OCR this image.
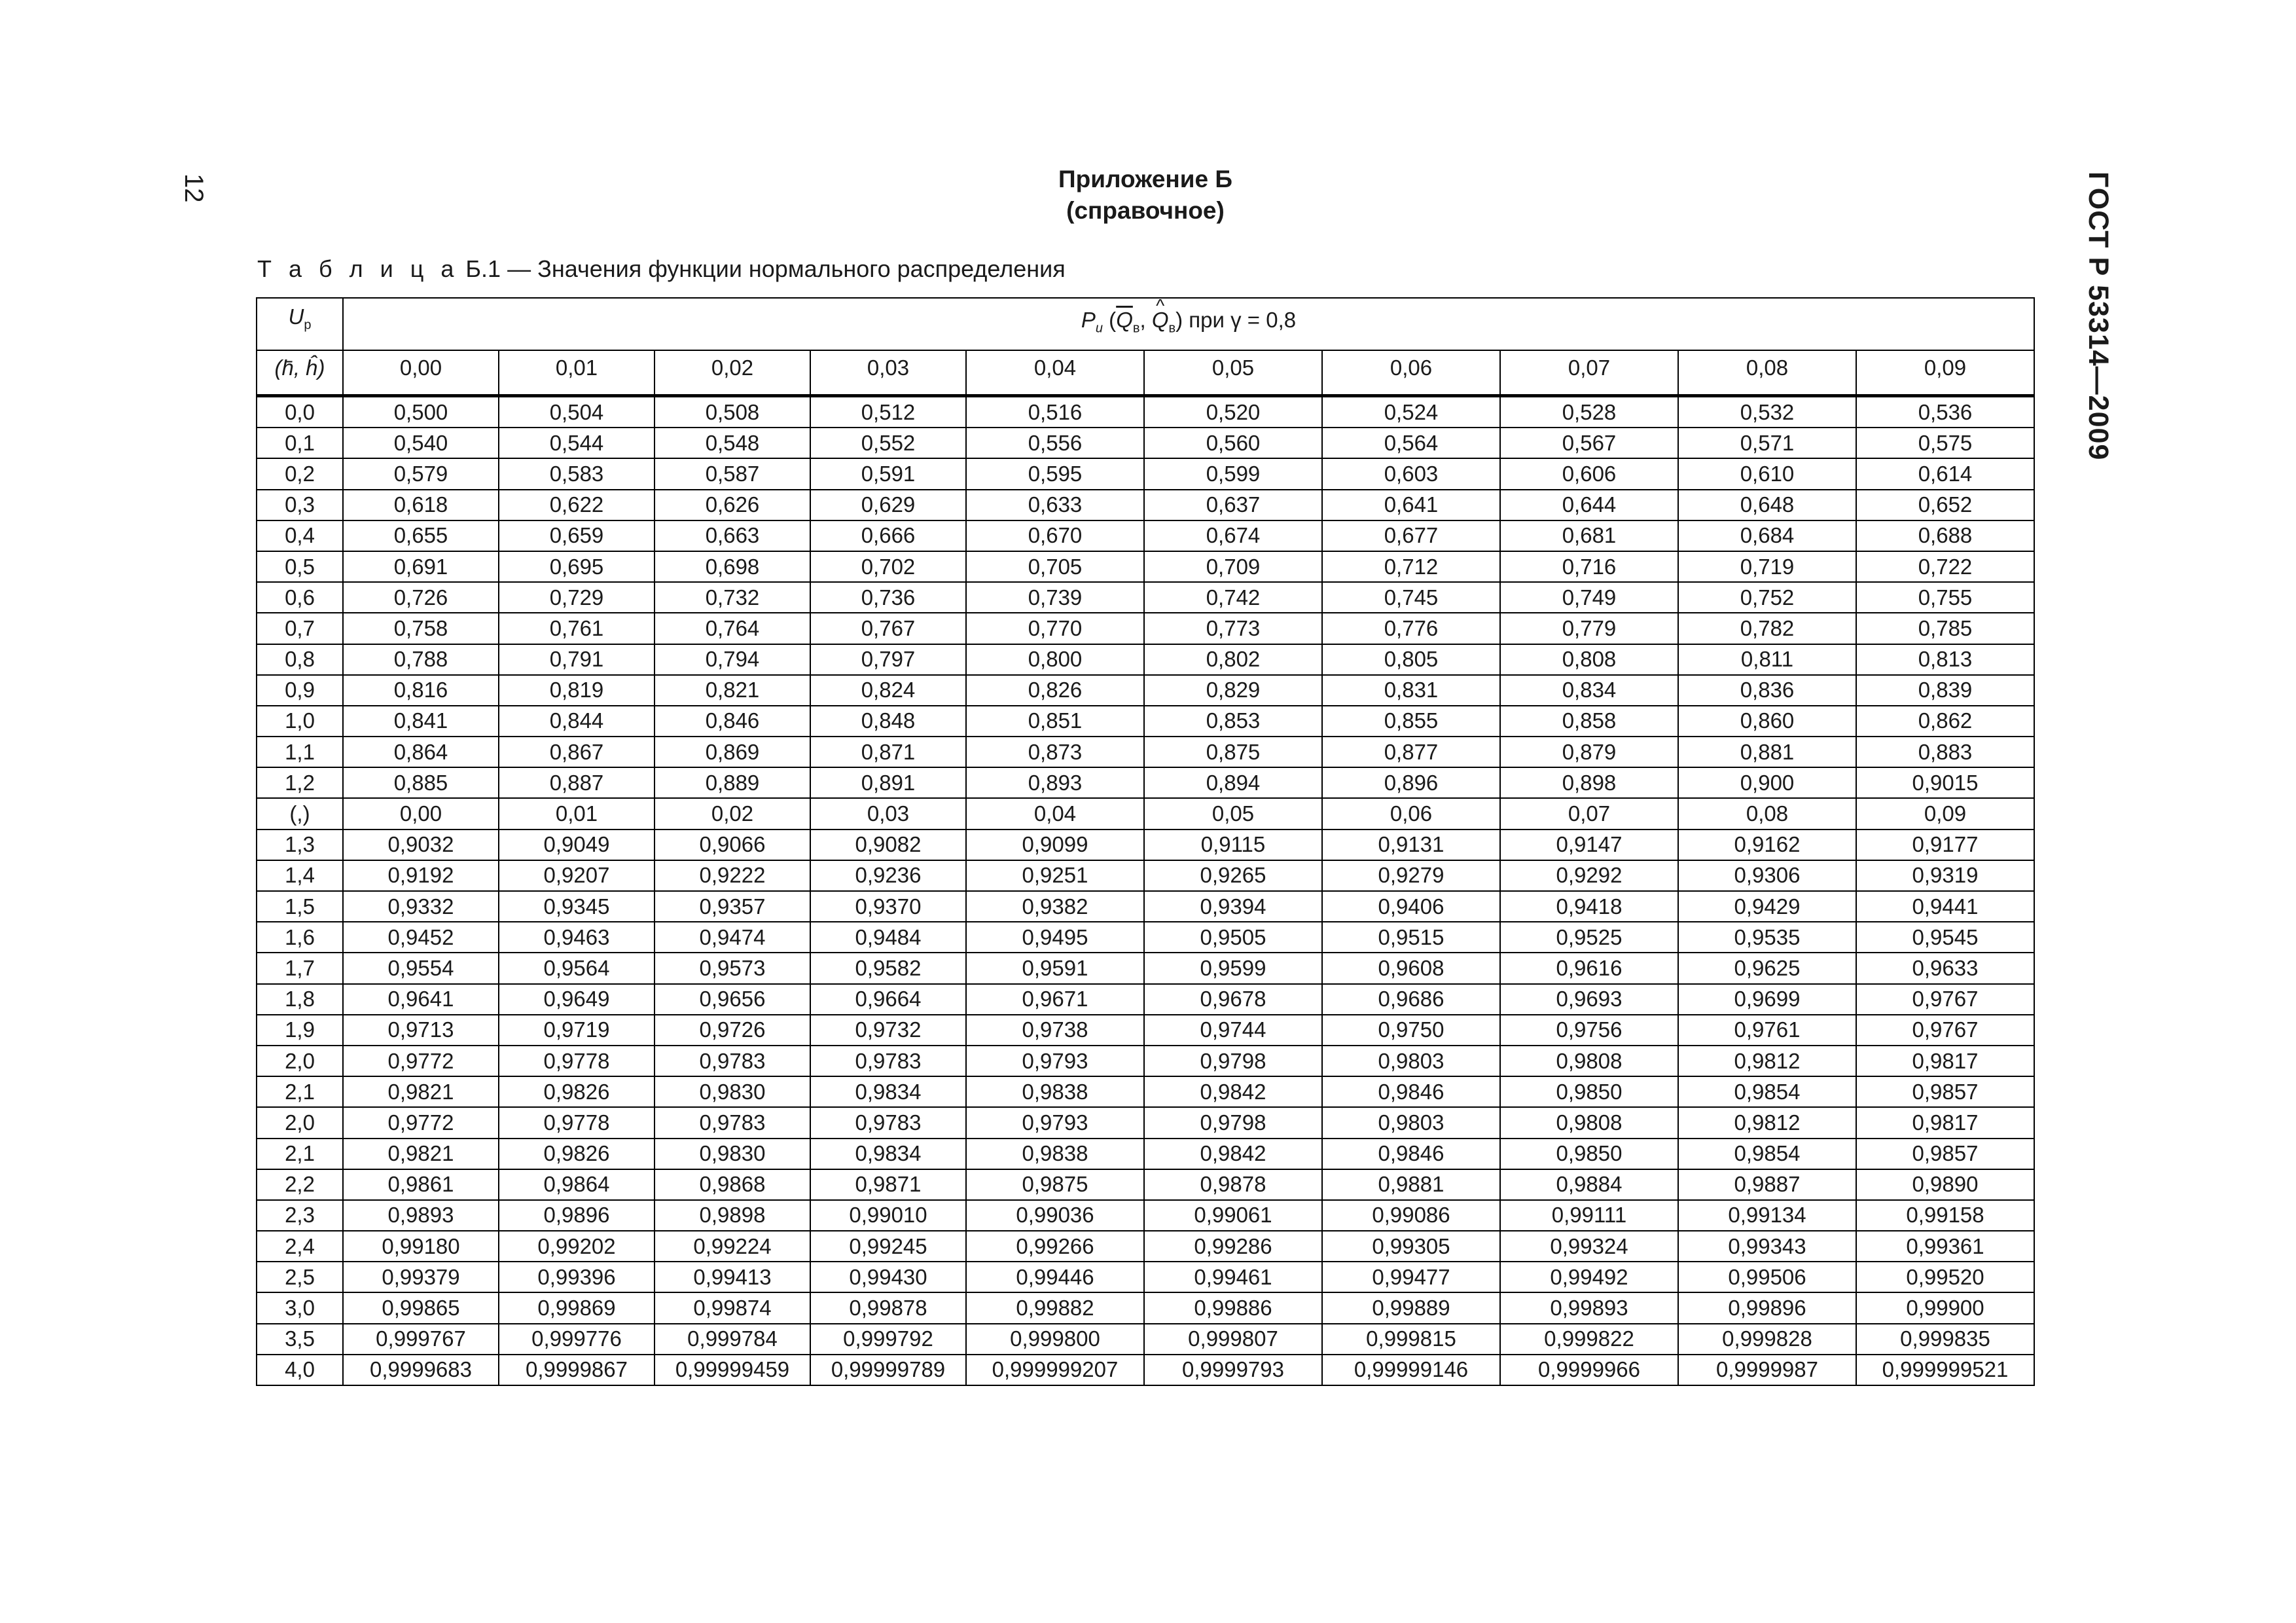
12	ГОСТ Р 53314—2009
Приложение Б
(справочное)
Т а б л и ц а Б.1 — Значения функции нормального распределения
$U_р$	$P_u$ ($\overline{Q}_в$, ^ $Q_в$) при γ = 0,8
(h̄, ĥ)	0,00	0,01	0,02	0,03	0,04	0,05	0,06	0,07	0,08	0,09
0,0	0,500	0,504	0,508	0,512	0,516	0,520	0,524	0,528	0,532	0,536
0,1	0,540	0,544	0,548	0,552	0,556	0,560	0,564	0,567	0,571	0,575
0,2	0,579	0,583	0,587	0,591	0,595	0,599	0,603	0,606	0,610	0,614
0,3	0,618	0,622	0,626	0,629	0,633	0,637	0,641	0,644	0,648	0,652
0,4	0,655	0,659	0,663	0,666	0,670	0,674	0,677	0,681	0,684	0,688
0,5	0,691	0,695	0,698	0,702	0,705	0,709	0,712	0,716	0,719	0,722
0,6	0,726	0,729	0,732	0,736	0,739	0,742	0,745	0,749	0,752	0,755
0,7	0,758	0,761	0,764	0,767	0,770	0,773	0,776	0,779	0,782	0,785
0,8	0,788	0,791	0,794	0,797	0,800	0,802	0,805	0,808	0,811	0,813
0,9	0,816	0,819	0,821	0,824	0,826	0,829	0,831	0,834	0,836	0,839
1,0	0,841	0,844	0,846	0,848	0,851	0,853	0,855	0,858	0,860	0,862
1,1	0,864	0,867	0,869	0,871	0,873	0,875	0,877	0,879	0,881	0,883
1,2	0,885	0,887	0,889	0,891	0,893	0,894	0,896	0,898	0,900	0,9015
(,)	0,00	0,01	0,02	0,03	0,04	0,05	0,06	0,07	0,08	0,09
1,3	0,9032	0,9049	0,9066	0,9082	0,9099	0,9115	0,9131	0,9147	0,9162	0,9177
1,4	0,9192	0,9207	0,9222	0,9236	0,9251	0,9265	0,9279	0,9292	0,9306	0,9319
1,5	0,9332	0,9345	0,9357	0,9370	0,9382	0,9394	0,9406	0,9418	0,9429	0,9441
1,6	0,9452	0,9463	0,9474	0,9484	0,9495	0,9505	0,9515	0,9525	0,9535	0,9545
1,7	0,9554	0,9564	0,9573	0,9582	0,9591	0,9599	0,9608	0,9616	0,9625	0,9633
1,8	0,9641	0,9649	0,9656	0,9664	0,9671	0,9678	0,9686	0,9693	0,9699	0,9767
1,9	0,9713	0,9719	0,9726	0,9732	0,9738	0,9744	0,9750	0,9756	0,9761	0,9767
2,0	0,9772	0,9778	0,9783	0,9783	0,9793	0,9798	0,9803	0,9808	0,9812	0,9817
2,1	0,9821	0,9826	0,9830	0,9834	0,9838	0,9842	0,9846	0,9850	0,9854	0,9857
2,0	0,9772	0,9778	0,9783	0,9783	0,9793	0,9798	0,9803	0,9808	0,9812	0,9817
2,1	0,9821	0,9826	0,9830	0,9834	0,9838	0,9842	0,9846	0,9850	0,9854	0,9857
2,2	0,9861	0,9864	0,9868	0,9871	0,9875	0,9878	0,9881	0,9884	0,9887	0,9890
2,3	0,9893	0,9896	0,9898	0,99010	0,99036	0,99061	0,99086	0,99111	0,99134	0,99158
2,4	0,99180	0,99202	0,99224	0,99245	0,99266	0,99286	0,99305	0,99324	0,99343	0,99361
2,5	0,99379	0,99396	0,99413	0,99430	0,99446	0,99461	0,99477	0,99492	0,99506	0,99520
3,0	0,99865	0,99869	0,99874	0,99878	0,99882	0,99886	0,99889	0,99893	0,99896	0,99900
3,5	0,999767	0,999776	0,999784	0,999792	0,999800	0,999807	0,999815	0,999822	0,999828	0,999835
4,0	0,9999683	0,9999867	0,99999459	0,99999789	0,999999207	0,9999793	0,99999146	0,9999966	0,9999987	0,999999521
